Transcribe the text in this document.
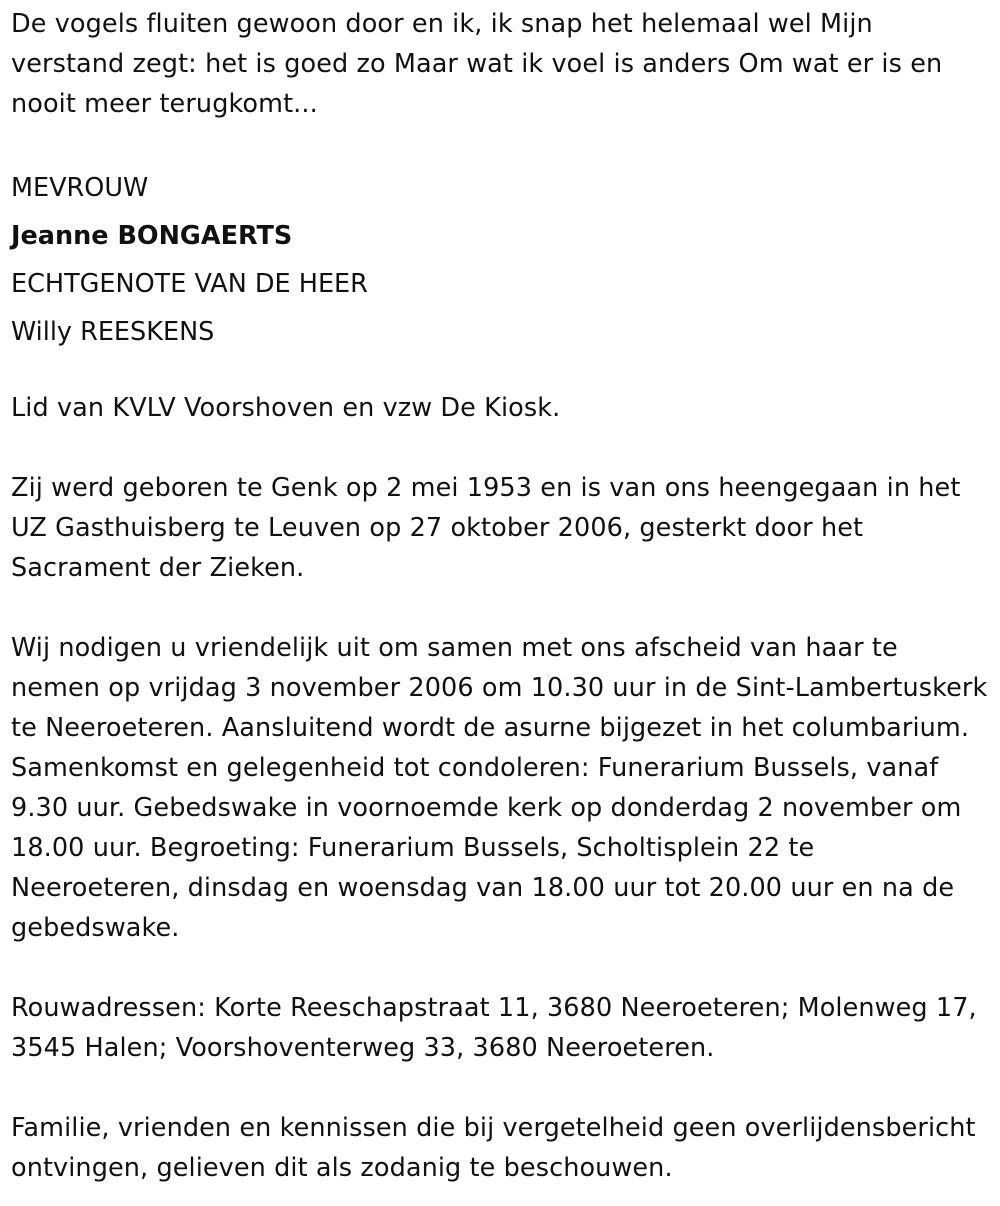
De vogels fluiten gewoon door en ik, ik snap het helemaal wel Mijn verstand zegt: het is goed zo Maar wat ik voel is anders Om wat er is en nooit meer terugkomt...

MEVROUW

Jeanne BONGAERTS

ECHTGENOTE VAN DE HEER

Willy REESKENS

Lid van KVLV Voorshoven en vzw De Kiosk.

Zij werd geboren te Genk op 2 mei 1953 en is van ons heengegaan in het UZ Gasthuisberg te Leuven op 27 oktober 2006, gesterkt door het Sacrament der Zieken.

Wij nodigen u vriendelijk uit om samen met ons afscheid van haar te nemen op vrijdag 3 november 2006 om 10.30 uur in de Sint-Lambertuskerk te Neeroeteren. Aansluitend wordt de asurne bijgezet in het columbarium. Samenkomst en gelegenheid tot condoleren: Funerarium Bussels, vanaf 9.30 uur. Gebedswake in voornoemde kerk op donderdag 2 november om 18.00 uur. Begroeting: Funerarium Bussels, Scholtisplein 22 te Neeroeteren, dinsdag en woensdag van 18.00 uur tot 20.00 uur en na de gebedswake.

Rouwadressen: Korte Reeschapstraat 11, 3680 Neeroeteren; Molenweg 17, 3545 Halen; Voorshoventerweg 33, 3680 Neeroeteren.

Familie, vrienden en kennissen die bij vergetelheid geen overlijdensbericht ontvingen, gelieven dit als zodanig te beschouwen.
